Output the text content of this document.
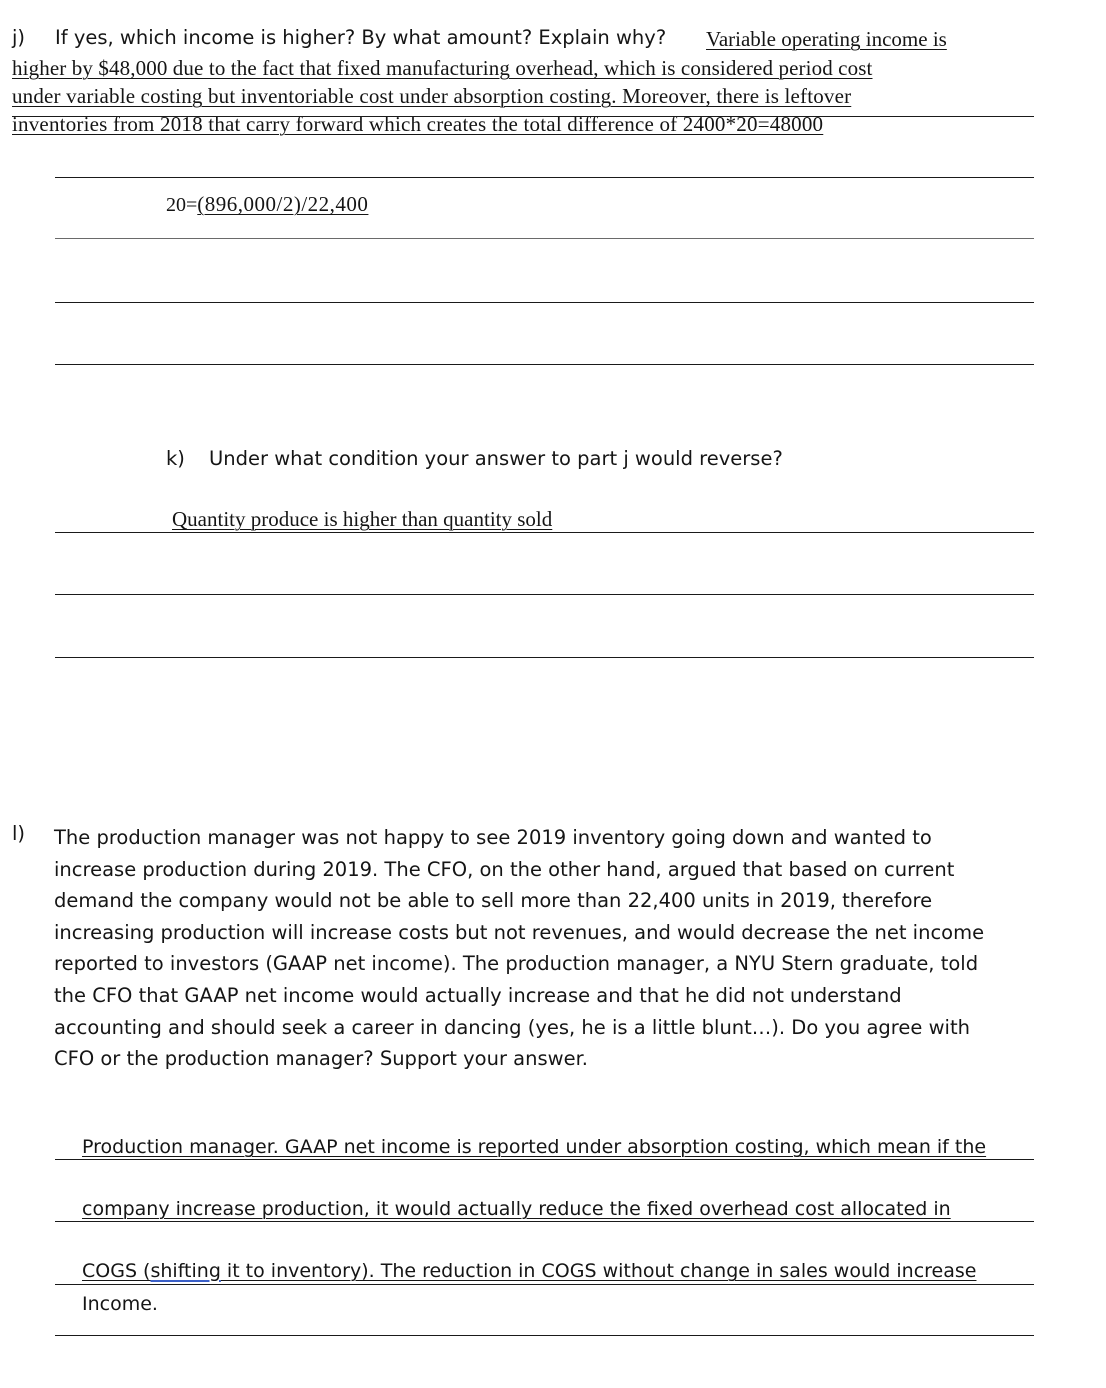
j) If yes, which income is higher? By what amount? Explain why? Variable operating income is
higher by $48,000 due to the fact that fixed manufacturing overhead, which is considered period cost
under variable costing but inventoriable cost under absorption costing. Moreover, there is leftover
inventories from 2018 that carry forward which creates the total difference of 2400*20=48000
20=(896,000/2)/22,400
k) Under what condition your answer to part j would reverse?
Quantity produce is higher than quantity sold
l) The production manager was not happy to see 2019 inventory going down and wanted to
increase production during 2019. The CFO, on the other hand, argued that based on current
demand the company would not be able to sell more than 22,400 units in 2019, therefore
increasing production will increase costs but not revenues, and would decrease the net income
reported to investors (GAAP net income). The production manager, a NYU Stern graduate, told
the CFO that GAAP net income would actually increase and that he did not understand
accounting and should seek a career in dancing (yes, he is a little blunt…). Do you agree with
CFO or the production manager? Support your answer.
Production manager. GAAP net income is reported under absorption costing, which mean if the
company increase production, it would actually reduce the fixed overhead cost allocated in
COGS (shifting it to inventory). The reduction in COGS without change in sales would increase
Income.
